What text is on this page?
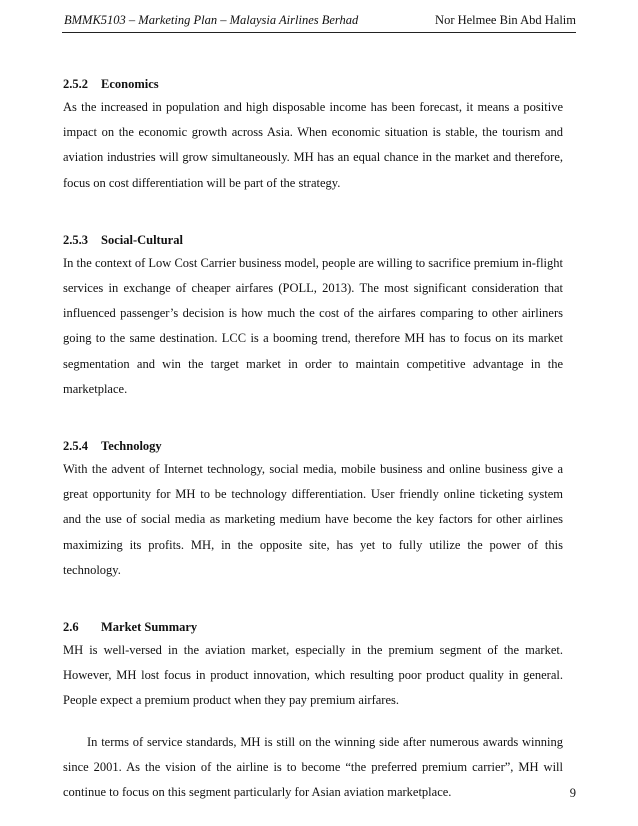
BMMK5103 – Marketing Plan – Malaysia Airlines Berhad	Nor Helmee Bin Abd Halim
2.5.2 Economics

As the increased in population and high disposable income has been forecast, it means a positive impact on the economic growth across Asia. When economic situation is stable, the tourism and aviation industries will grow simultaneously. MH has an equal chance in the market and therefore, focus on cost differentiation will be part of the strategy.

2.5.3 Social-Cultural

In the context of Low Cost Carrier business model, people are willing to sacrifice premium in-flight services in exchange of cheaper airfares (POLL, 2013). The most significant consideration that influenced passenger’s decision is how much the cost of the airfares comparing to other airliners going to the same destination. LCC is a booming trend, therefore MH has to focus on its market segmentation and win the target market in order to maintain competitive advantage in the marketplace.

2.5.4 Technology

With the advent of Internet technology, social media, mobile business and online business give a great opportunity for MH to be technology differentiation. User friendly online ticketing system and the use of social media as marketing medium have become the key factors for other airlines maximizing its profits. MH, in the opposite site, has yet to fully utilize the power of this technology.

2.6 Market Summary

MH is well-versed in the aviation market, especially in the premium segment of the market. However, MH lost focus in product innovation, which resulting poor product quality in general. People expect a premium product when they pay premium airfares.

In terms of service standards, MH is still on the winning side after numerous awards winning since 2001. As the vision of the airline is to become “the preferred premium carrier”, MH will continue to focus on this segment particularly for Asian aviation marketplace.	9
